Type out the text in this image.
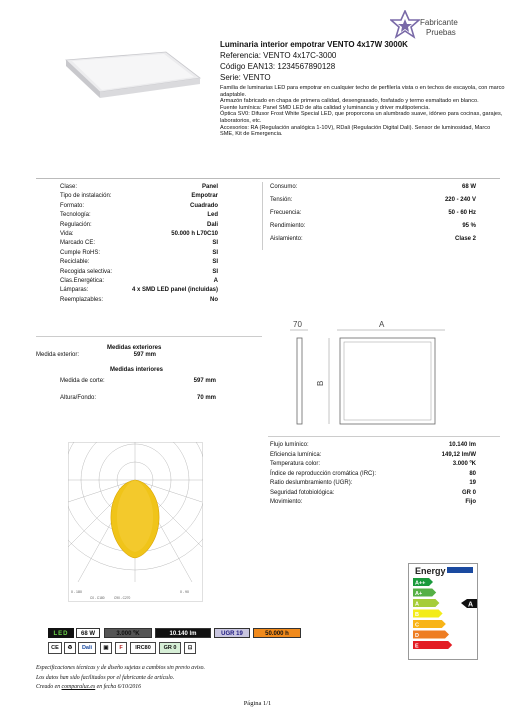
Fabricante
Pruebas
Luminaria interior empotrar VENTO 4x17W 3000K
Referencia: VENTO 4x17C-3000
Código EAN13: 1234567890128
Serie: VENTO
Familia de luminarias LED para empotrar en cualquier techo de perfilería vista o en techos de escayola, con marco adaptable.
Armazón fabricado en chapa de primera calidad, desengrasado, fosfatado y termo esmaltado en blanco.
Fuente lumínica: Panel SMD LED de alta calidad y luminancia y driver multipotencia.
Óptica SV0: Difusor Frost White Special LED, que proporcona un alumbrado suave, idóneo para cocinas, garajes, laboratorios, etc.
Accesorios: RA (Regulación analógica 1-10V), RDali (Regulación Digital Dali). Sensor de luminosidad, Marco SME, Kit de Emergencia.
Clase:	Panel
Tipo de instalación:	Empotrar
Formato:	Cuadrado
Tecnología:	Led
Regulación:	Dali
Vida:	50.000 h L70C10
Marcado CE:	SI
Cumple RoHS:	SI
Reciclable:	SI
Recogida selectiva:	SI
Clas.Energética:	A
Lámparas:	4 x SMD LED panel (incluidas)
Reemplazables:	No
Consumo:	68 W
Tensión:	220 - 240 V
Frecuencia:	50 - 60 Hz
Rendimiento:	95 %
Aislamiento:	Clase 2
Medidas exteriores
Medida exterior:	597 mm
Medidas interiores
Medida de corte:	597 mm
Altura/Fondo:	70 mm
70	A
B
Flujo lumínico:	10.140 lm
Eficiencia lumínica:	149,12 lm/W
Temperatura color:	3.000 ºK
Índice de reproducción cromática (IRC):	80
Ratio deslumbramiento (UGR):	19
Seguridad fotobiológica:	GR 0
Movimiento:	Fijo
0 - 180	0 - 90
C0 - C180	C90 - C270
Energy
A++
A+
A
B
C
D
E
A
LED	68 W	3.000 ºK	10.140 lm	UGR 19	50.000 h
CE	♻	Dali	▣	F	IRC80	GR 0	⊡
Especificaciones técnicas y de diseño sujetas a cambios sin previo aviso.
Los datos han sido facilitados por el fabricante de artículo.
Creado en comparaluz.es en fecha 6/10/2016
Página 1/1
